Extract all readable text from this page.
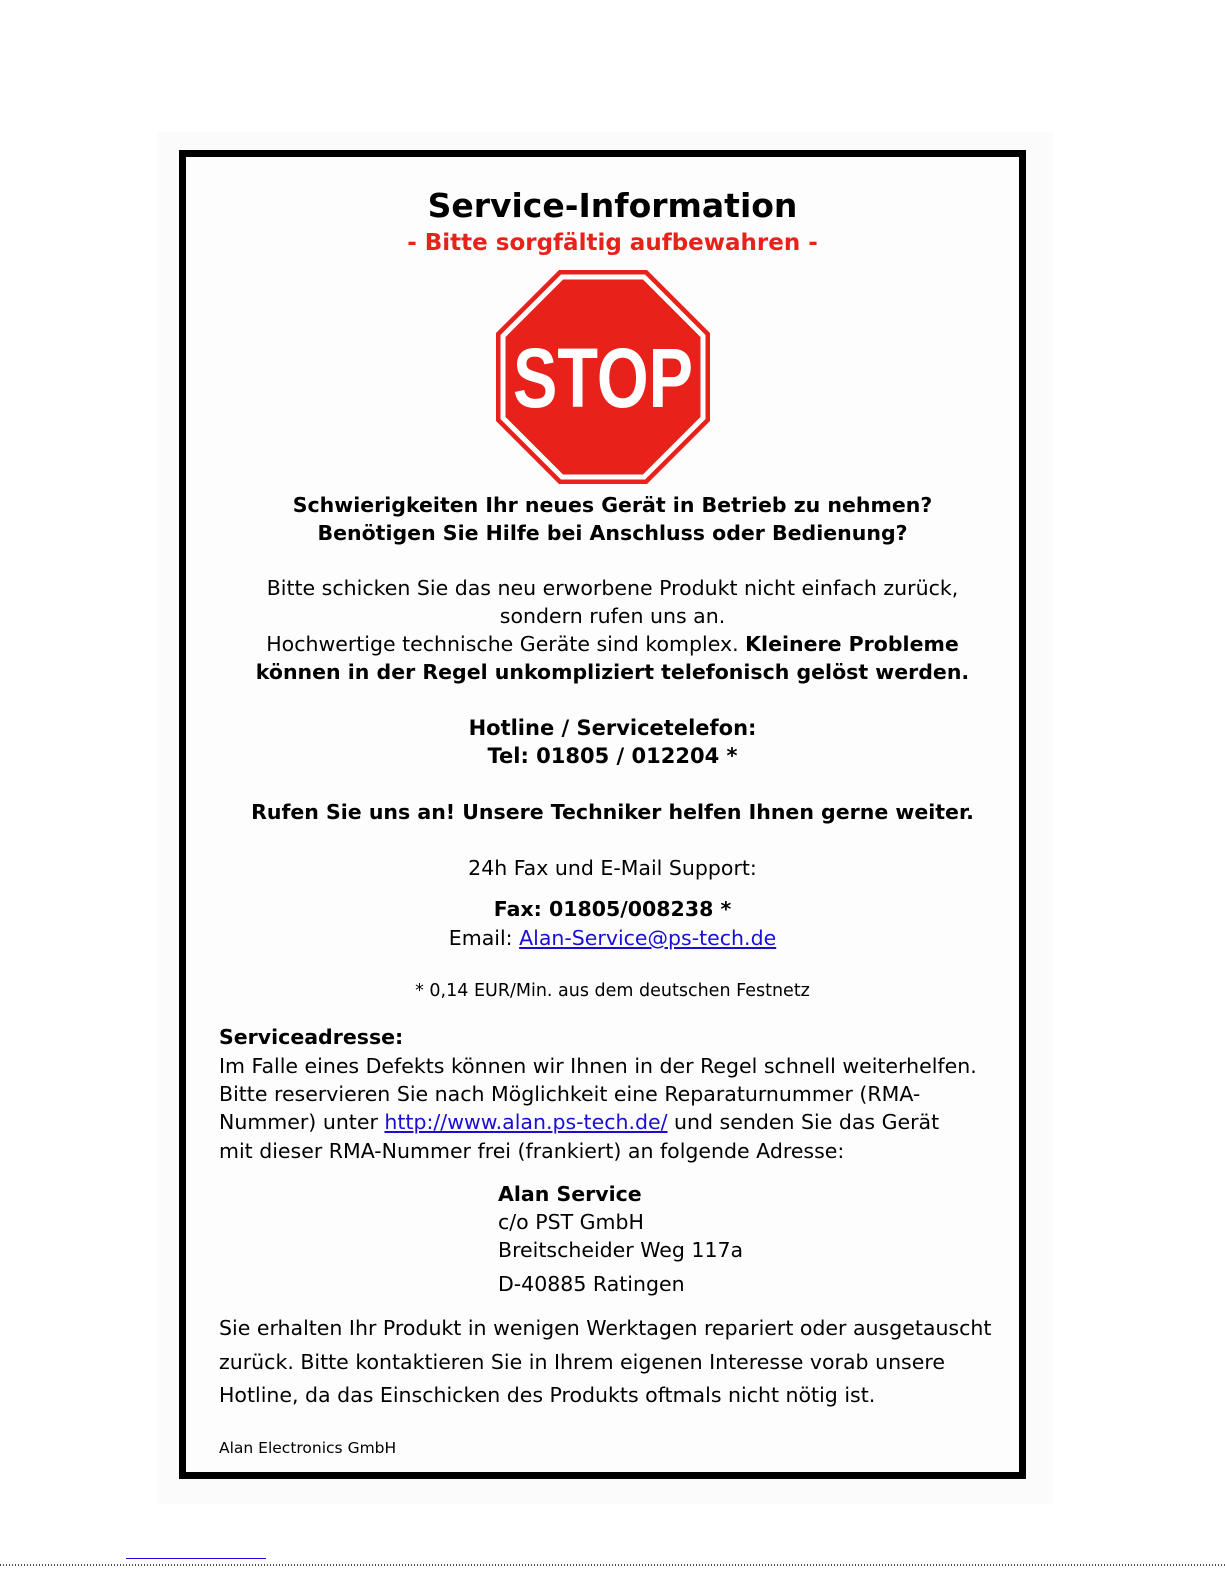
Service-Information
- Bitte sorgfältig aufbewahren -
STOP
Schwierigkeiten Ihr neues Gerät in Betrieb zu nehmen?
Benötigen Sie Hilfe bei Anschluss oder Bedienung?
Bitte schicken Sie das neu erworbene Produkt nicht einfach zurück,
sondern rufen uns an.
Hochwertige technische Geräte sind komplex. Kleinere Probleme
können in der Regel unkompliziert telefonisch gelöst werden.
Hotline / Servicetelefon:
Tel: 01805 / 012204 *
Rufen Sie uns an! Unsere Techniker helfen Ihnen gerne weiter.
24h Fax und E-Mail Support:
Fax: 01805/008238 *
Email: Alan-Service@ps-tech.de
* 0,14 EUR/Min. aus dem deutschen Festnetz
Serviceadresse:
Im Falle eines Defekts können wir Ihnen in der Regel schnell weiterhelfen.
Bitte reservieren Sie nach Möglichkeit eine Reparaturnummer (RMA-
Nummer) unter http://www.alan.ps-tech.de/ und senden Sie das Gerät
mit dieser RMA-Nummer frei (frankiert) an folgende Adresse:
Alan Service
c/o PST GmbH
Breitscheider Weg 117a
D-40885 Ratingen
Sie erhalten Ihr Produkt in wenigen Werktagen repariert oder ausgetauscht
zurück. Bitte kontaktieren Sie in Ihrem eigenen Interesse vorab unsere
Hotline, da das Einschicken des Produkts oftmals nicht nötig ist.
Alan Electronics GmbH
